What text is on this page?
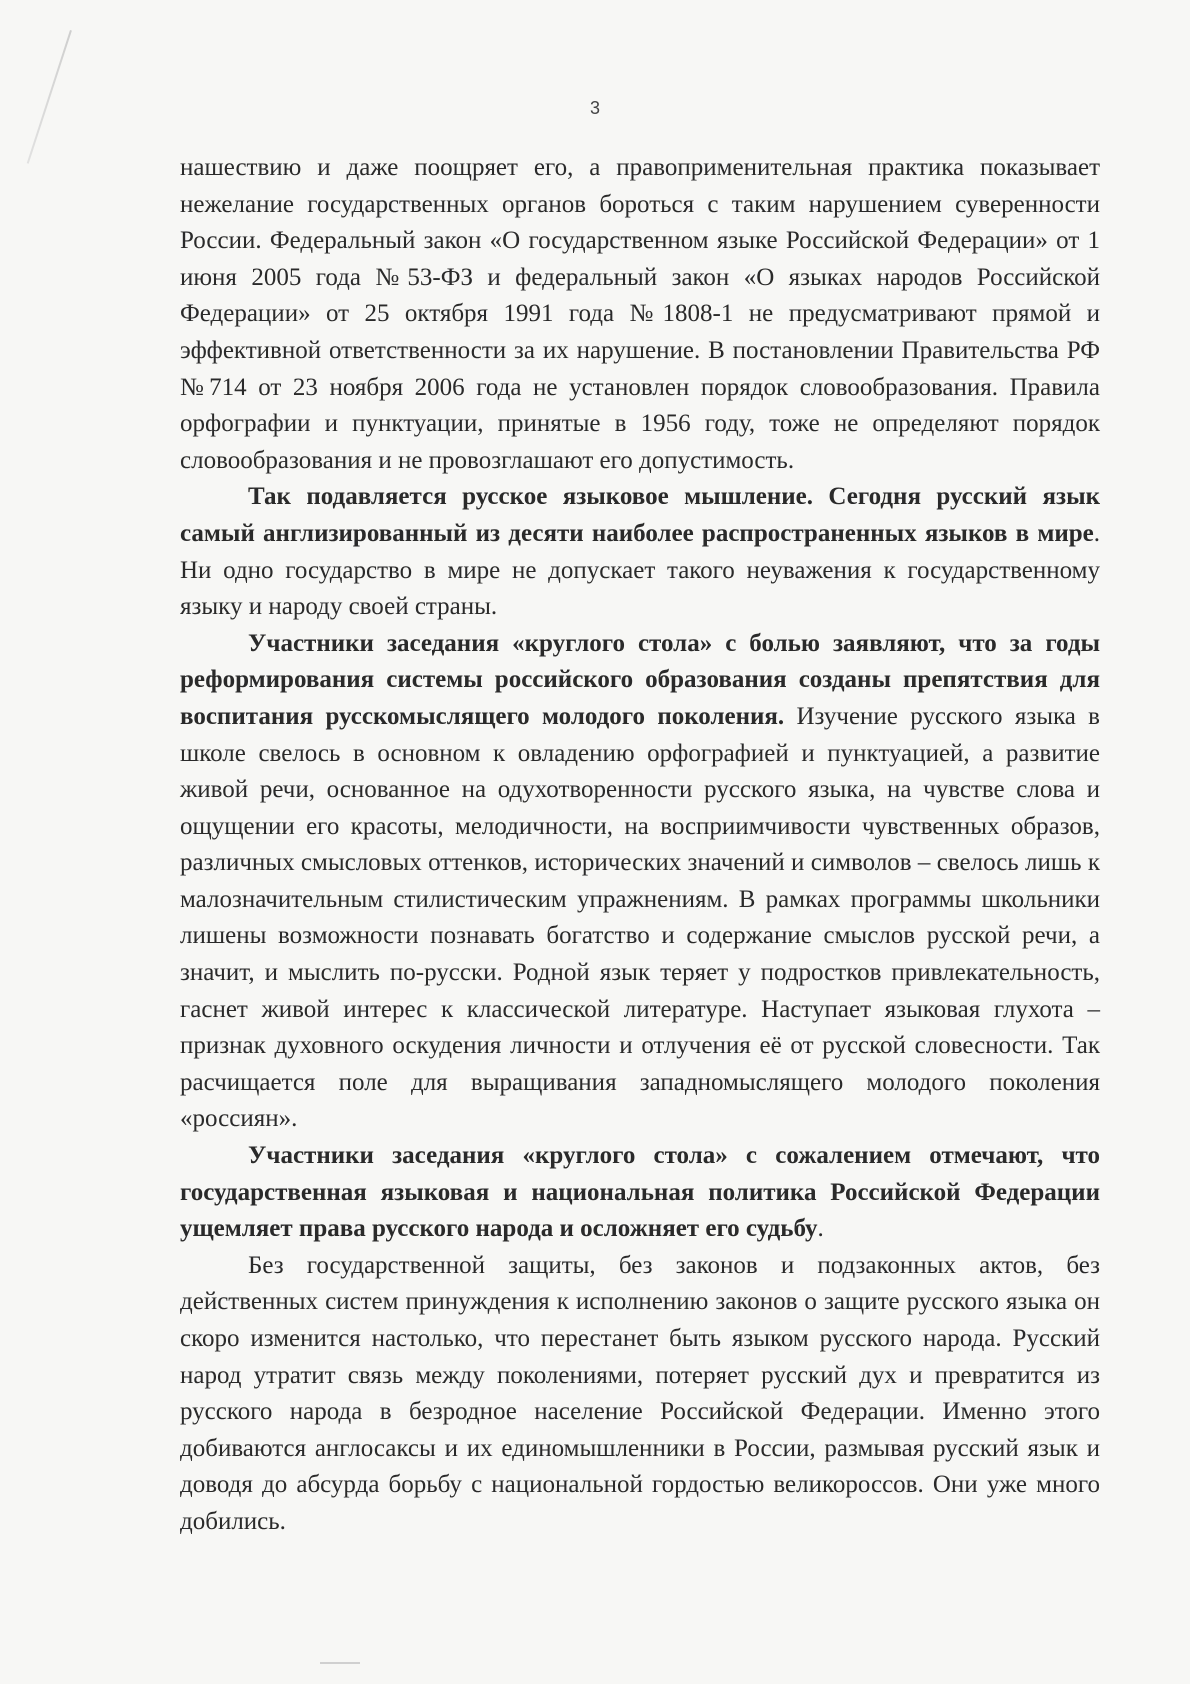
3

нашествию и даже поощряет его, а правоприменительная практика показывает нежелание государственных органов бороться с таким нарушением суверенности России. Федеральный закон «О государственном языке Российской Федерации» от 1 июня 2005 года №53-ФЗ и федеральный закон «О языках народов Российской Федерации» от 25 октября 1991 года №1808-1 не предусматривают прямой и эффективной ответственности за их нарушение. В постановлении Правительства РФ №714 от 23 ноября 2006 года не установлен порядок словообразования. Правила орфографии и пунктуации, принятые в 1956 году, тоже не определяют порядок словообразования и не провозглашают его допустимость.

Так подавляется русское языковое мышление. Сегодня русский язык самый англизированный из десяти наиболее распространенных языков в мире. Ни одно государство в мире не допускает такого неуважения к государственному языку и народу своей страны.

Участники заседания «круглого стола» с болью заявляют, что за годы реформирования системы российского образования созданы препятствия для воспитания русскомыслящего молодого поколения. Изучение русского языка в школе свелось в основном к овладению орфографией и пунктуацией, а развитие живой речи, основанное на одухотворенности русского языка, на чувстве слова и ощущении его красоты, мелодичности, на восприимчивости чувственных образов, различных смысловых оттенков, исторических значений и символов – свелось лишь к малозначительным стилистическим упражнениям. В рамках программы школьники лишены возможности познавать богатство и содержание смыслов русской речи, а значит, и мыслить по-русски. Родной язык теряет у подростков привлекательность, гаснет живой интерес к классической литературе. Наступает языковая глухота – признак духовного оскудения личности и отлучения её от русской словесности. Так расчищается поле для выращивания западномыслящего молодого поколения «россиян».

Участники заседания «круглого стола» с сожалением отмечают, что государственная языковая и национальная политика Российской Федерации ущемляет права русского народа и осложняет его судьбу.

Без государственной защиты, без законов и подзаконных актов, без действенных систем принуждения к исполнению законов о защите русского языка он скоро изменится настолько, что перестанет быть языком русского народа. Русский народ утратит связь между поколениями, потеряет русский дух и превратится из русского народа в безродное население Российской Федерации. Именно этого добиваются англосаксы и их единомышленники в России, размывая русский язык и доводя до абсурда борьбу с национальной гордостью великороссов. Они уже много добились.
